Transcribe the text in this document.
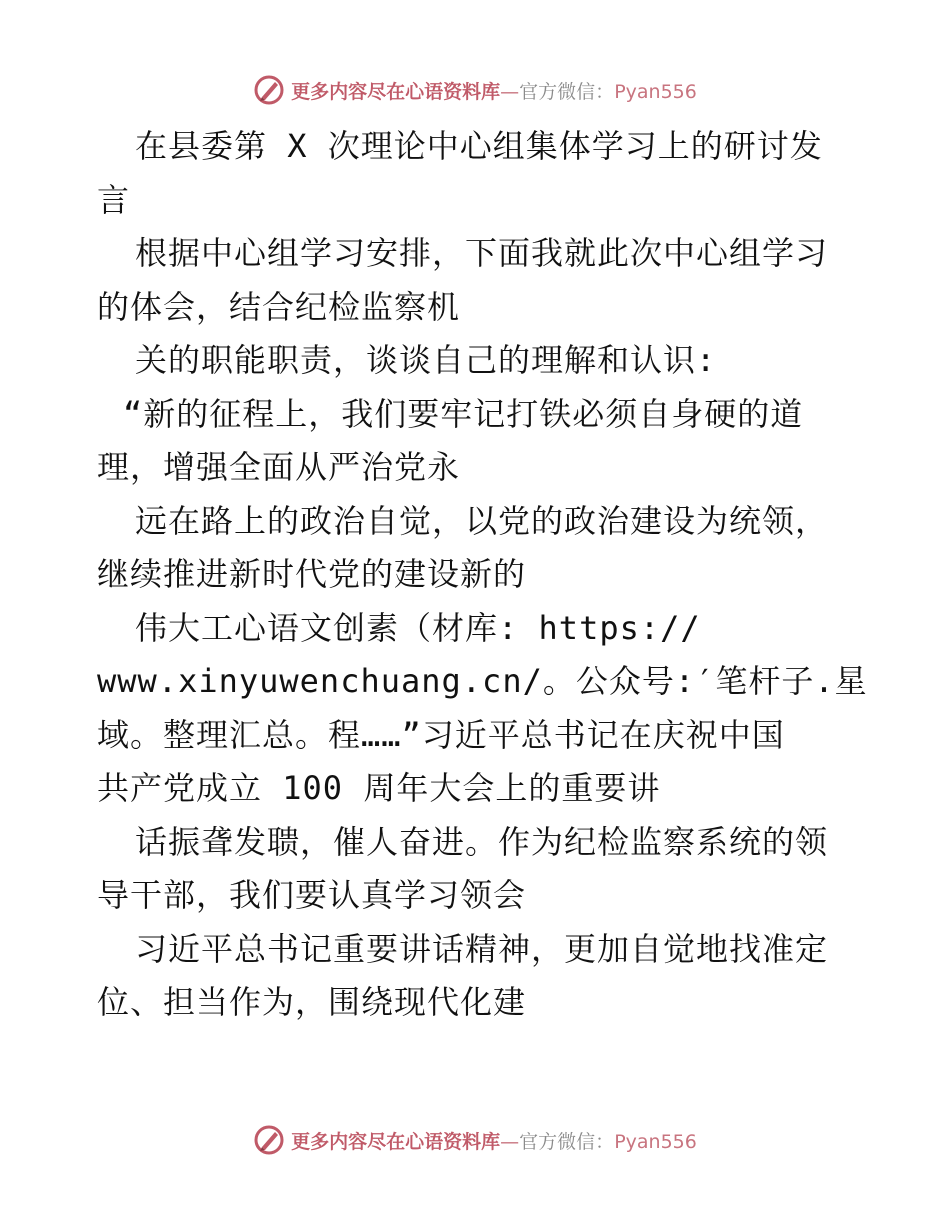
更多内容尽在心语资料库—官方微信：Pyan556

在县委第 X 次理论中心组集体学习上的研讨发

言

根据中心组学习安排，下面我就此次中心组学习

的体会，结合纪检监察机

关的职能职责，谈谈自己的理解和认识:

“新的征程上，我们要牢记打铁必须自身硬的道

理，增强全面从严治党永

远在路上的政治自觉，以党的政治建设为统领，

继续推进新时代党的建设新的

伟大工心语文创素（材库: https://

www.xinyuwenchuang.cn/。公众号:′笔杆子.星

域。整理汇总。程……”习近平总书记在庆祝中国

共产党成立 100 周年大会上的重要讲

话振聋发聩，催人奋进。作为纪检监察系统的领

导干部，我们要认真学习领会

习近平总书记重要讲话精神，更加自觉地找准定

位、担当作为，围绕现代化建

更多内容尽在心语资料库—官方微信：Pyan556
